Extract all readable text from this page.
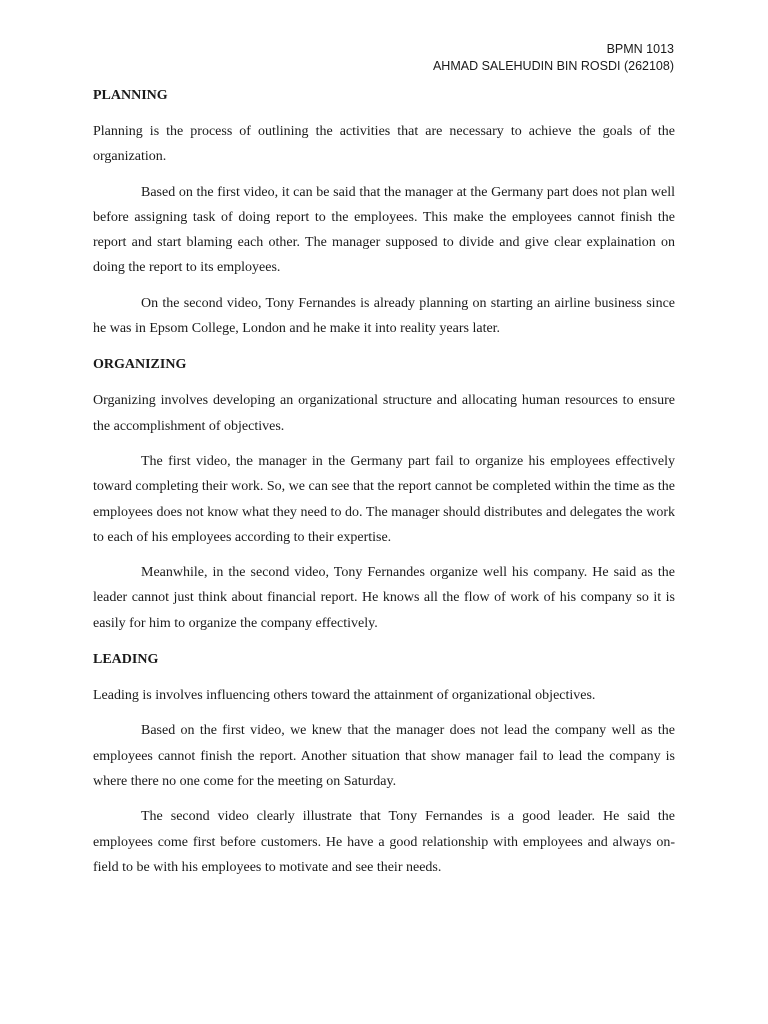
BPMN 1013
AHMAD SALEHUDIN BIN ROSDI (262108)
PLANNING

Planning is the process of outlining the activities that are necessary to achieve the goals of the organization.

Based on the first video, it can be said that the manager at the Germany part does not plan well before assigning task of doing report to the employees. This make the employees cannot finish the report and start blaming each other. The manager supposed to divide and give clear explaination on doing the report to its employees.

On the second video, Tony Fernandes is already planning on starting an airline business since he was in Epsom College, London and he make it into reality years later.

ORGANIZING

Organizing involves developing an organizational structure and allocating human resources to ensure the accomplishment of objectives.

The first video, the manager in the Germany part fail to organize his employees effectively toward completing their work. So, we can see that the report cannot be completed within the time as the employees does not know what they need to do. The manager should distributes and delegates the work to each of his employees according to their expertise.

Meanwhile, in the second video, Tony Fernandes organize well his company. He said as the leader cannot just think about financial report. He knows all the flow of work of his company so it is easily for him to organize the company effectively.

LEADING

Leading is involves influencing others toward the attainment of organizational objectives.

Based on the first video, we knew that the manager does not lead the company well as the employees cannot finish the report. Another situation that show manager fail to lead the company is where there no one come for the meeting on Saturday.

The second video clearly illustrate that Tony Fernandes is a good leader. He said the employees come first before customers. He have a good relationship with employees and always on- field to be with his employees to motivate and see their needs.
